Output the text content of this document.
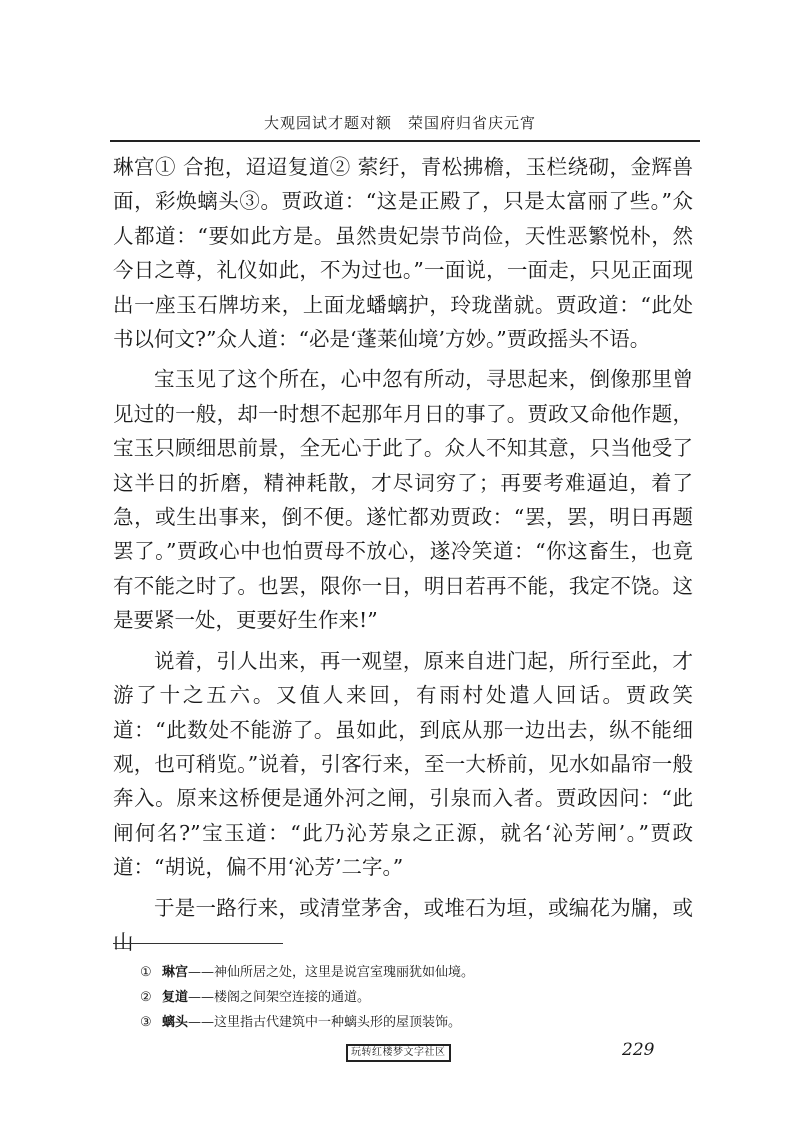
大观园试才题对额　荣国府归省庆元宵

琳宫① 合抱，迢迢复道② 萦纡，青松拂檐，玉栏绕砌，金辉兽面，彩焕螭头③。贾政道：“这是正殿了，只是太富丽了些。”众人都道：“要如此方是。虽然贵妃崇节尚俭，天性恶繁悦朴，然今日之尊，礼仪如此，不为过也。”一面说，一面走，只见正面现出一座玉石牌坊来，上面龙蟠螭护，玲珑凿就。贾政道：“此处书以何文?”众人道：“必是‘蓬莱仙境’方妙。”贾政摇头不语。

宝玉见了这个所在，心中忽有所动，寻思起来，倒像那里曾见过的一般，却一时想不起那年月日的事了。贾政又命他作题，宝玉只顾细思前景，全无心于此了。众人不知其意，只当他受了这半日的折磨，精神耗散，才尽词穷了；再要考难逼迫，着了急，或生出事来，倒不便。遂忙都劝贾政：“罢，罢，明日再题罢了。”贾政心中也怕贾母不放心，遂冷笑道：“你这畜生，也竟有不能之时了。也罢，限你一日，明日若再不能，我定不饶。这是要紧一处，更要好生作来!”

说着，引人出来，再一观望，原来自进门起，所行至此，才游了十之五六。又值人来回，有雨村处遣人回话。贾政笑道：“此数处不能游了。虽如此，到底从那一边出去，纵不能细观，也可稍览。”说着，引客行来，至一大桥前，见水如晶帘一般奔入。原来这桥便是通外河之闸，引泉而入者。贾政因问：“此闸何名?”宝玉道：“此乃沁芳泉之正源，就名‘沁芳闸’。”贾政道：“胡说，偏不用‘沁芳’二字。”

于是一路行来，或清堂茅舍，或堆石为垣，或编花为牖，或山

① 琳宫——神仙所居之处，这里是说宫室瑰丽犹如仙境。
② 复道——楼阁之间架空连接的通道。
③ 螭头——这里指古代建筑中一种螭头形的屋顶装饰。
玩转红楼梦文字社区	229
